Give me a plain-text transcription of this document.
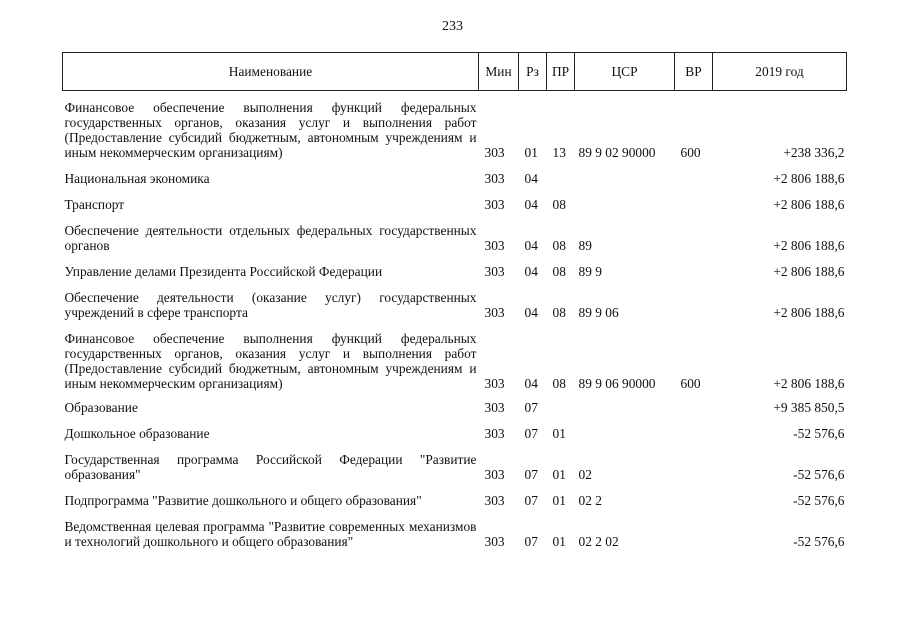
233
Наименование	Мин	Рз	ПР	ЦСР	ВР	2019 год
Финансовое обеспечение выполнения функций федеральных государственных органов, оказания услуг и выполнения работ (Предоставление субсидий бюджетным, автономным учреждениям и иным некоммерческим организациям)	303	01	13	89 9 02 90000	600	+238 336,2
Национальная экономика	303	04				+2 806 188,6
Транспорт	303	04	08			+2 806 188,6
Обеспечение деятельности отдельных федеральных государственных органов	303	04	08	89		+2 806 188,6
Управление делами Президента Российской Федерации	303	04	08	89 9		+2 806 188,6
Обеспечение деятельности (оказание услуг) государственных учреждений в сфере транспорта	303	04	08	89 9 06		+2 806 188,6
Финансовое обеспечение выполнения функций федеральных государственных органов, оказания услуг и выполнения работ (Предоставление субсидий бюджетным, автономным учреждениям и иным некоммерческим организациям)	303	04	08	89 9 06 90000	600	+2 806 188,6
Образование	303	07				+9 385 850,5
Дошкольное образование	303	07	01			-52 576,6
Государственная программа Российской Федерации "Развитие образования"	303	07	01	02		-52 576,6
Подпрограмма "Развитие дошкольного и общего образования"	303	07	01	02 2		-52 576,6
Ведомственная целевая программа "Развитие современных механизмов и технологий дошкольного и общего образования"	303	07	01	02 2 02		-52 576,6
